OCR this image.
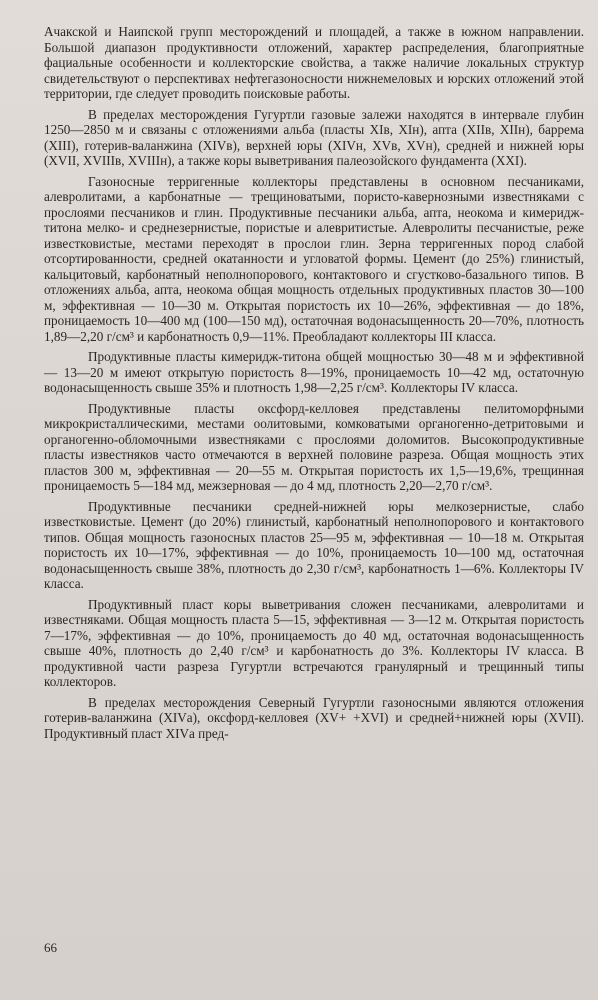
Ачакской и Наипской групп месторождений и площадей, а также в южном направлении. Большой диапазон продуктивности отложений, характер распределения, благоприятные фациальные особенности и коллекторские свойства, а также наличие локальных структур свидетельствуют о перспективах нефтегазоносности нижнемеловых и юрских отложений этой территории, где следует проводить поисковые работы.

В пределах месторождения Гугуртли газовые залежи находятся в интервале глубин 1250—2850 м и связаны с отложениями альба (пласты XIв, XIн), апта (XIIв, XIIн), баррема (XIII), готерив-валанжина (XIVв), верхней юры (XIVн, XVв, XVн), средней и нижней юры (XVII, XVIIIв, XVIIIн), а также коры выветривания палеозойского фундамента (XXI).

Газоносные терригенные коллекторы представлены в основном песчаниками, алевролитами, а карбонатные — трещиноватыми, пористо-кавернозными известняками с прослоями песчаников и глин. Продуктивные песчаники альба, апта, неокома и кимеридж-титона мелко- и среднезернистые, пористые и алевритистые. Алевролиты песчанистые, реже известковистые, местами переходят в прослои глин. Зерна терригенных пород слабой отсортированности, средней окатанности и угловатой формы. Цемент (до 25%) глинистый, кальцитовый, карбонатный неполнопорового, контактового и сгустково-базального типов. В отложениях альба, апта, неокома общая мощность отдельных продуктивных пластов 30—100 м, эффективная — 10—30 м. Открытая пористость их 10—26%, эффективная — до 18%, проницаемость 10—400 мд (100—150 мд), остаточная водонасыщенность 20—70%, плотность 1,89—2,20 г/см³ и карбонатность 0,9—11%. Преобладают коллекторы III класса.

Продуктивные пласты кимеридж-титона общей мощностью 30—48 м и эффективной — 13—20 м имеют открытую пористость 8—19%, проницаемость 10—42 мд, остаточную водонасыщенность свыше 35% и плотность 1,98—2,25 г/см³. Коллекторы IV класса.

Продуктивные пласты оксфорд-келловея представлены пелитоморфными микрокристаллическими, местами оолитовыми, комковатыми органогенно-детритовыми и органогенно-обломочными известняками с прослоями доломитов. Высокопродуктивные пласты известняков часто отмечаются в верхней половине разреза. Общая мощность этих пластов 300 м, эффективная — 20—55 м. Открытая пористость их 1,5—19,6%, трещинная проницаемость 5—184 мд, межзерновая — до 4 мд, плотность 2,20—2,70 г/см³.

Продуктивные песчаники средней-нижней юры мелкозернистые, слабо известковистые. Цемент (до 20%) глинистый, карбонатный неполнопорового и контактового типов. Общая мощность газоносных пластов 25—95 м, эффективная — 10—18 м. Открытая пористость их 10—17%, эффективная — до 10%, проницаемость 10—100 мд, остаточная водонасыщенность свыше 38%, плотность до 2,30 г/см³, карбонатность 1—6%. Коллекторы IV класса.

Продуктивный пласт коры выветривания сложен песчаниками, алевролитами и известняками. Общая мощность пласта 5—15, эффективная — 3—12 м. Открытая пористость 7—17%, эффективная — до 10%, проницаемость до 40 мд, остаточная водонасыщенность свыше 40%, плотность до 2,40 г/см³ и карбонатность до 3%. Коллекторы IV класса. В продуктивной части разреза Гугуртли встречаются гранулярный и трещинный типы коллекторов.

В пределах месторождения Северный Гугуртли газоносными являются отложения готерив-валанжина (XIVа), оксфорд-келловея (XV+ +XVI) и средней+нижней юры (XVII). Продуктивный пласт XIVа пред-

66
